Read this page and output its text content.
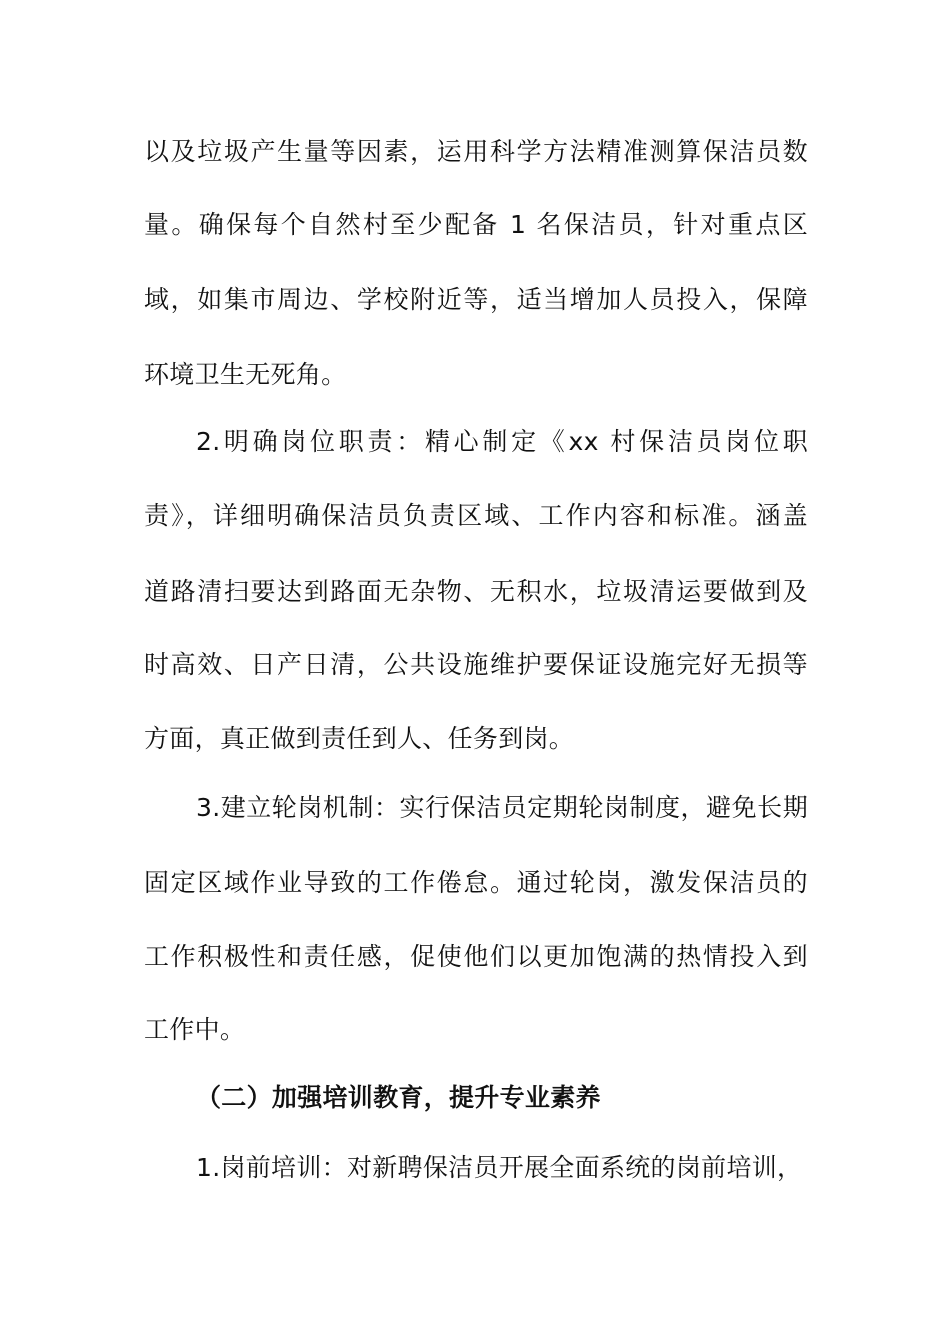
以及垃圾产生量等因素，运用科学方法精准测算保洁员数
量。确保每个自然村至少配备 1 名保洁员，针对重点区
域，如集市周边、学校附近等，适当增加人员投入，保障
环境卫生无死角。
2.明确岗位职责：精心制定《xx 村保洁员岗位职
责》，详细明确保洁员负责区域、工作内容和标准。涵盖
道路清扫要达到路面无杂物、无积水，垃圾清运要做到及
时高效、日产日清，公共设施维护要保证设施完好无损等
方面，真正做到责任到人、任务到岗。
3.建立轮岗机制：实行保洁员定期轮岗制度，避免长期
固定区域作业导致的工作倦怠。通过轮岗，激发保洁员的
工作积极性和责任感，促使他们以更加饱满的热情投入到
工作中。
（二）加强培训教育，提升专业素养
1.岗前培训：对新聘保洁员开展全面系统的岗前培训，
